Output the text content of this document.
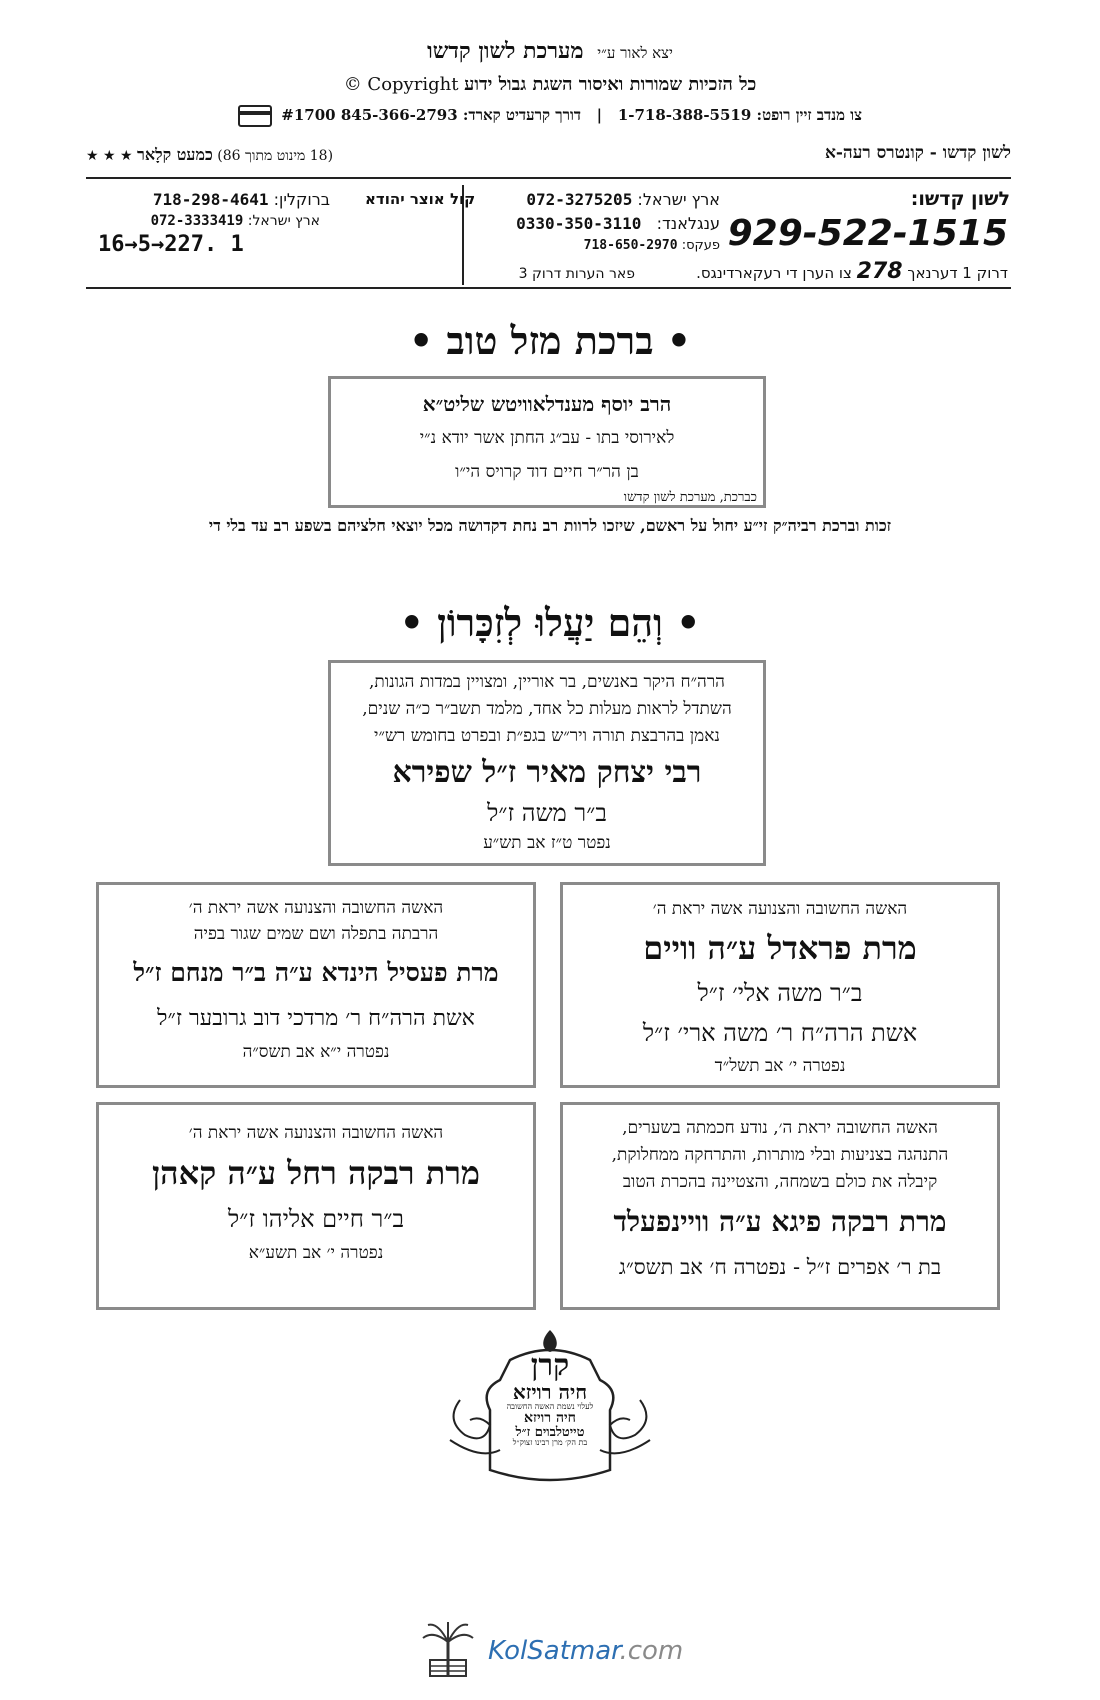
יצא לאור ע״י מערכת לשון קדשו
כל הזכיות שמורות ואיסור השגת גבול ידוע Copyright ©
צו מנדב זיין רופט: 1-718-388-5519   |   דורך קרעדיט קארד: 845-366-2793 #1700
לשון קדשו - קונטרס רעה-א
(18 מינוט מתוך 86) כמעט קלָאר ★ ★ ★
לשון קדשו:
929-522-1515
דרוק 1 דערנאך 278 צו הערן די רעקארדינגס.
ארץ ישראל: 072-3275205
ענגלאנד:   0330-350-3110
פעקס: 718-650-2970
פאר הערות דרוק 3
קול אוצר יהודא
ברוקלין: 718-298-4641
ארץ ישראל: 072-3333419
16→5→227. 1
• ברכת מזל טוב •

הרב יוסף מענדלאוויטש שליט״א

לאירוסי בתו - עב״ג החתן אשר יודא נ״י

בן הר״ר חיים דוד קרויס הי״ו

כברכת, מערכת לשון קדשו

זכות וברכת רביה״ק זי״ע יחול על ראשם, שיזכו לרוות רב נחת דקדושה מכל יוצאי חלציהם בשפע רב עד בלי די
• וְהֵם יַעֲלוּ לְזִכָּרוֹן •

הרה״ח היקר באנשים, בר אוריין, ומצויין במדות הגונות,

השתדל לראות מעלות כל אחד, מלמד תשב״ר כ״ה שנים,

נאמן בהרבצת תורה ויר״ש בגפ״ת ובפרט בחומש רש״י

רבי יצחק מאיר ז״ל שפירא

ב״ר משה ז״ל

נפטר ט״ז אב תש״ע

האשה החשובה והצנועה אשה יראת ה׳

מרת פראדל ע״ה וויים

ב״ר משה אלי׳ ז״ל

אשת הרה״ח ר׳ משה ארי׳ ז״ל

נפטרה י׳ אב תשל״ד

האשה החשובה והצנועה אשה יראת ה׳

הרבתה בתפלה ושם שמים שגור בפיה

מרת פעסיל הינדא ע״ה ב״ר מנחם ז״ל

אשת הרה״ח ר׳ מרדכי דוב גרובער ז״ל

נפטרה י״א אב תשס״ה

האשה החשובה יראת ה׳, נודע חכמתה בשערים,

התנהגה בצניעות ובלי מותרות, והתרחקה ממחלוקת,

קיבלה את כולם בשמחה, והצטיינה בהכרת הטוב

מרת רבקה פיגא ע״ה וויינפעלד

בת ר׳ אפרים ז״ל - נפטרה ח׳ אב תשס״ג

האשה החשובה והצנועה אשה יראת ה׳

מרת רבקה רחל ע״ה קאהן

ב״ר חיים אליהו ז״ל

נפטרה י׳ אב תשע״א

קרן
חיה רויזא
לעלוי נשמת האשה החשובה
חיה רויזא
טייטלבוים ז״ל
בת הק׳ מרן רבינו זצוק״ל
KolSatmar.com
